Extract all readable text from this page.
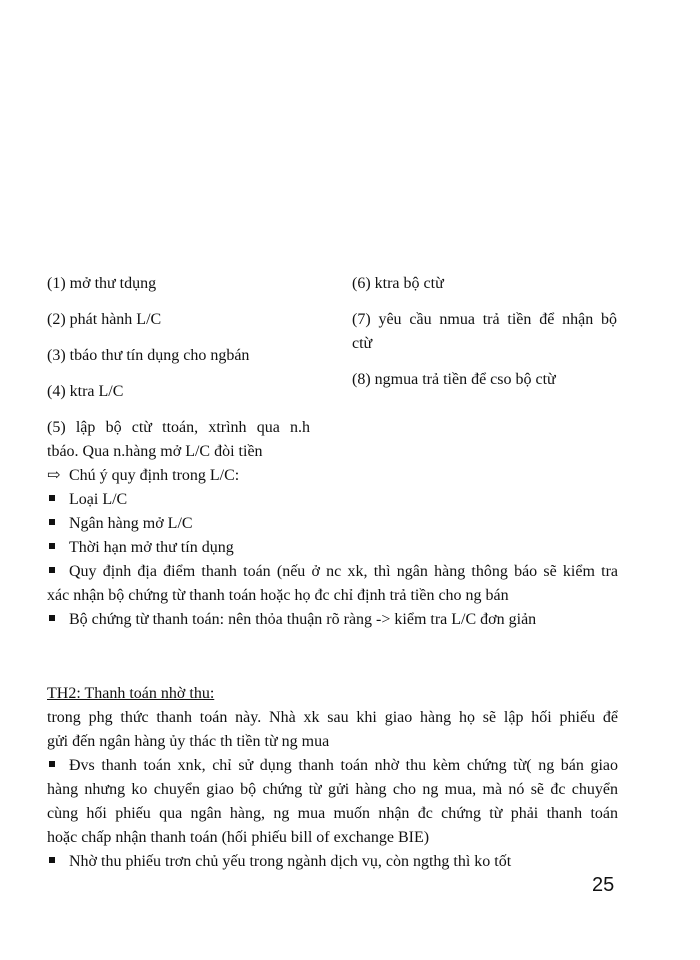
(1) mở thư tdụng
(2) phát hành L/C
(3) tbáo thư tín dụng cho ngbán
(4) ktra L/C
(6) ktra bộ ctừ
(7) yêu cầu nmua trả tiền để nhận bộ
ctừ
(8) ngmua trả tiền để cso bộ ctừ
(5) lập bộ ctừ ttoán, xtrình qua n.h
tbáo. Qua n.hàng mở L/C đòi tiền
⇨ Chú ý quy định trong L/C:
Loại L/C
Ngân hàng mở L/C
Thời hạn mở thư tín dụng
Quy định địa điểm thanh toán (nếu ở nc xk, thì ngân hàng thông báo sẽ kiểm tra
xác nhận bộ chứng từ thanh toán hoặc họ đc chỉ định trả tiền cho ng bán
Bộ chứng từ thanh toán: nên thỏa thuận rõ ràng -> kiểm tra L/C đơn giản
TH2: Thanh toán nhờ thu:
trong phg thức thanh toán này. Nhà xk sau khi giao hàng họ sẽ lập hối phiếu để
gửi đến ngân hàng ủy thác th tiền từ ng mua
Đvs thanh toán xnk, chỉ sử dụng thanh toán nhờ thu kèm chứng từ( ng bán giao
hàng nhưng ko chuyển giao bộ chứng từ gửi hàng cho ng mua, mà nó sẽ đc chuyển
cùng hối phiếu qua ngân hàng, ng mua muốn nhận đc chứng từ phải thanh toán
hoặc chấp nhận thanh toán (hối phiếu bill of exchange BIE)
Nhờ thu phiếu trơn chủ yếu trong ngành dịch vụ, còn ngthg thì ko tốt
25
